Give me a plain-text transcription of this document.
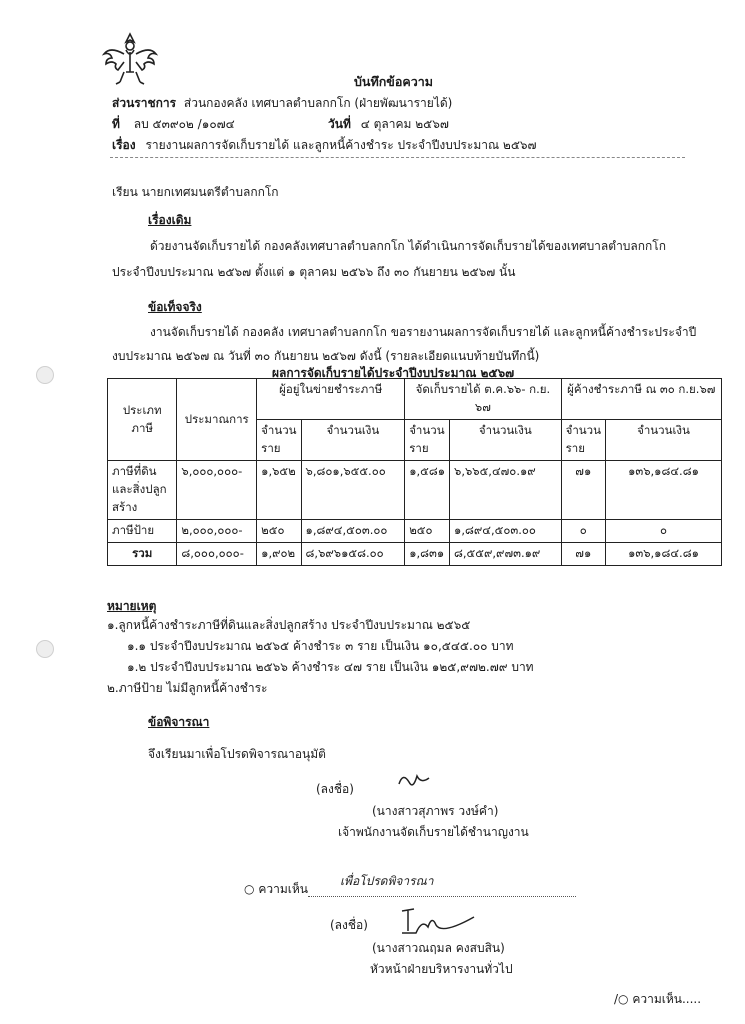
บันทึกข้อความ
ส่วนราชการ ส่วนกองคลัง เทศบาลตำบลกกโก (ฝ่ายพัฒนารายได้)
ที่ ลบ ๕๓๙๐๒ /๑๐๗๔	วันที่ ๔ ตุลาคม ๒๕๖๗
เรื่อง รายงานผลการจัดเก็บรายได้ และลูกหนี้ค้างชำระ ประจำปีงบประมาณ ๒๕๖๗
เรียน นายกเทศมนตรีตำบลกกโก
เรื่องเดิม
ด้วยงานจัดเก็บรายได้ กองคลังเทศบาลตำบลกกโก ได้ดำเนินการจัดเก็บรายได้ของเทศบาลตำบลกกโก
ประจำปีงบประมาณ ๒๕๖๗ ตั้งแต่ ๑ ตุลาคม ๒๕๖๖ ถึง ๓๐ กันยายน ๒๕๖๗ นั้น
ข้อเท็จจริง
งานจัดเก็บรายได้ กองคลัง เทศบาลตำบลกกโก ขอรายงานผลการจัดเก็บรายได้ และลูกหนี้ค้างชำระประจำปี
งบประมาณ ๒๕๖๗ ณ วันที่ ๓๐ กันยายน ๒๕๖๗ ดังนี้ (รายละเอียดแนบท้ายบันทึกนี้)
ผลการจัดเก็บรายได้ประจำปีงบประมาณ ๒๕๖๗
ประเภท ภาษี	ประมาณการ	ผู้อยู่ในข่ายชำระภาษี		จัดเก็บรายได้ ต.ค.๖๖- ก.ย. ๖๗		ผู้ค้างชำระภาษี ณ ๓๐ ก.ย.๖๗	
		จำนวน ราย	จำนวนเงิน	จำนวน ราย	จำนวนเงิน	จำนวน ราย	จำนวนเงิน
ภาษีที่ดินและสิ่งปลูกสร้าง	๖,๐๐๐,๐๐๐-	๑,๖๕๒	๖,๘๐๑,๖๕๕.๐๐	๑,๕๘๑	๖,๖๖๕,๔๗๐.๑๙	๗๑	๑๓๖,๑๘๔.๘๑
ภาษีป้าย	๒,๐๐๐,๐๐๐-	๒๕๐	๑,๘๙๔,๕๐๓.๐๐	๒๕๐	๑,๘๙๔,๕๐๓.๐๐	๐	๐
รวม	๘,๐๐๐,๐๐๐-	๑,๙๐๒	๘,๖๙๖๑๕๘.๐๐	๑,๘๓๑	๘,๕๕๙,๙๗๓.๑๙	๗๑	๑๓๖,๑๘๔.๘๑
หมายเหตุ
๑.ลูกหนี้ค้างชำระภาษีที่ดินและสิ่งปลูกสร้าง ประจำปีงบประมาณ ๒๕๖๕
๑.๑ ประจำปีงบประมาณ ๒๕๖๕ ค้างชำระ ๓ ราย เป็นเงิน ๑๐,๕๔๕.๐๐ บาท
๑.๒ ประจำปีงบประมาณ ๒๕๖๖ ค้างชำระ ๔๗ ราย เป็นเงิน ๑๒๕,๙๗๒.๗๙ บาท
๒.ภาษีป้าย ไม่มีลูกหนี้ค้างชำระ
ข้อพิจารณา
จึงเรียนมาเพื่อโปรดพิจารณาอนุมัติ
(ลงชื่อ)
(นางสาวสุภาพร วงษ์คำ)
เจ้าพนักงานจัดเก็บรายได้ชำนาญงาน
○ ความเห็น
เพื่อโปรดพิจารณา

(ลงชื่อ)
(นางสาวณฤมล คงสบสิน)
หัวหน้าฝ่ายบริหารงานทั่วไป
/○ ความเห็น.....
